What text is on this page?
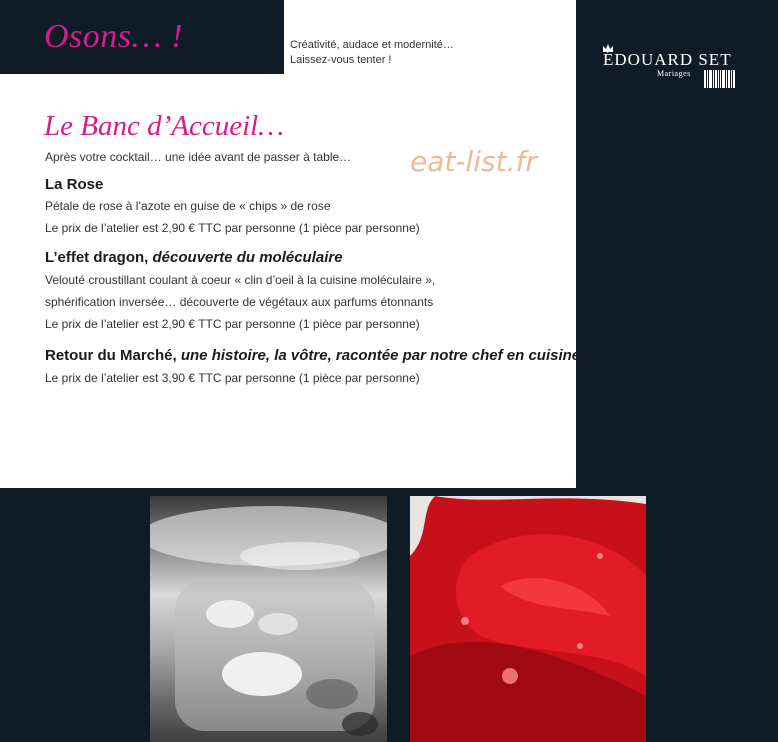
Osons… !	Créativité, audace et modernité…
Laissez-vous tenter !	ÉDOUARD SET
Mariages
Le Banc d’Accueil…
Après votre cocktail… une idée avant de passer à table… eat-list.fr
La Rose
Pétale de rose à l’azote en guise de « chips » de rose
Le prix de l’atelier est 2,90 € TTC par personne (1 pièce par personne)
L’effet dragon, découverte du moléculaire
Velouté croustillant coulant à coeur « clin d’oeil à la cuisine moléculaire »,
sphérification inversée… découverte de végétaux aux parfums étonnants
Le prix de l’atelier est 2,90 € TTC par personne (1 pièce par personne)
Retour du Marché, une histoire, la vôtre, racontée par notre chef en cuisine…
Le prix de l’atelier est 3,90 € TTC par personne (1 pièce par personne)
